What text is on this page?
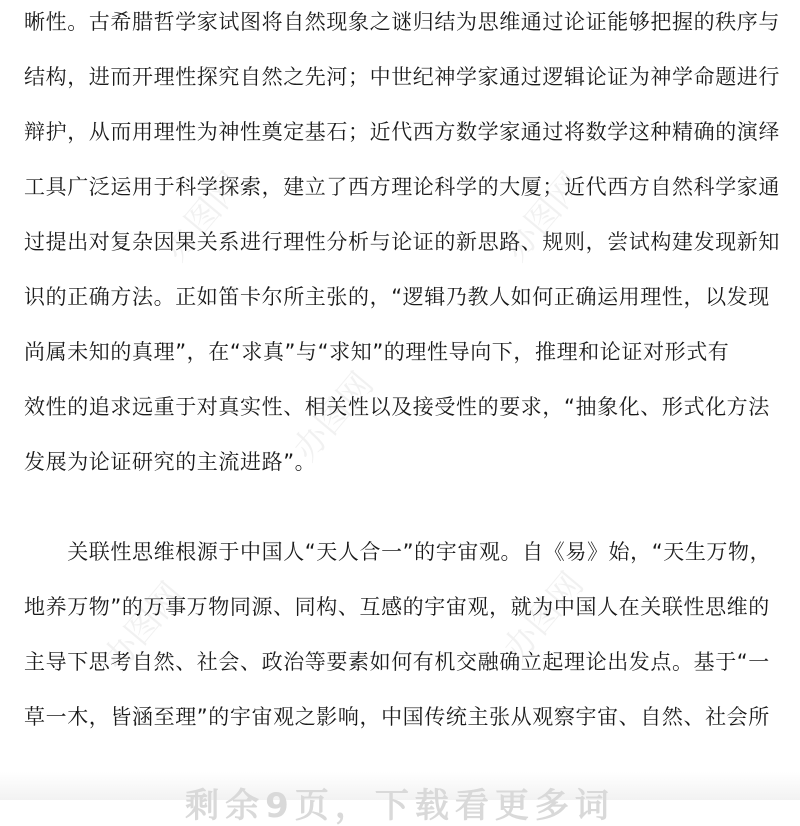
晰性。古希腊哲学家试图将自然现象之谜归结为思维通过论证能够把握的秩序与
结构，进而开理性探究自然之先河；中世纪神学家通过逻辑论证为神学命题进行
辩护，从而用理性为神性奠定基石；近代西方数学家通过将数学这种精确的演绎
工具广泛运用于科学探索，建立了西方理论科学的大厦；近代西方自然科学家通
过提出对复杂因果关系进行理性分析与论证的新思路、规则，尝试构建发现新知
识的正确方法。正如笛卡尔所主张的，“逻辑乃教人如何正确运用理性，以发现
尚属未知的真理”，在“求真”与“求知”的理性导向下，推理和论证对形式有
效性的追求远重于对真实性、相关性以及接受性的要求，“抽象化、形式化方法
发展为论证研究的主流进路”。
　　关联性思维根源于中国人“天人合一”的宇宙观。自《易》始，“天生万物，
地养万物”的万事万物同源、同构、互感的宇宙观，就为中国人在关联性思维的
主导下思考自然、社会、政治等要素如何有机交融确立起理论出发点。基于“一
草一木，皆涵至理”的宇宙观之影响，中国传统主张从观察宇宙、自然、社会所
办图网	办图网
办图网
办图网	办图网
剩余9页，下载看更多词
